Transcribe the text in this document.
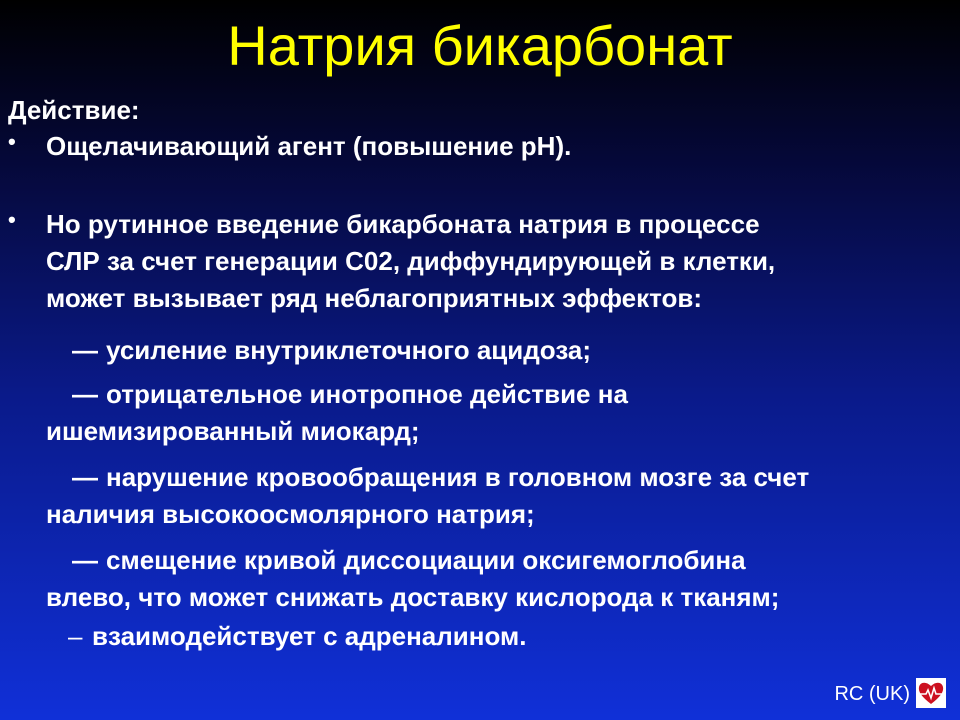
Натрия бикарбонат
Действие:
• Ощелачивающий агент (повышение pH).
• Но рутинное введение бикарбоната натрия в процессе
СЛР за счет генерации С02, диффундирующей в клетки,
может вызывает ряд неблагоприятных эффектов:
— усиление внутриклеточного ацидоза;
— отрицательное инотропное действие на
ишемизированный миокард;
— нарушение кровообращения в головном мозге за счет
наличия высокоосмолярного натрия;
— смещение кривой диссоциации оксигемоглобина
влево, что может снижать доставку кислорода к тканям;
– взаимодействует с адреналином.
RC (UK)
